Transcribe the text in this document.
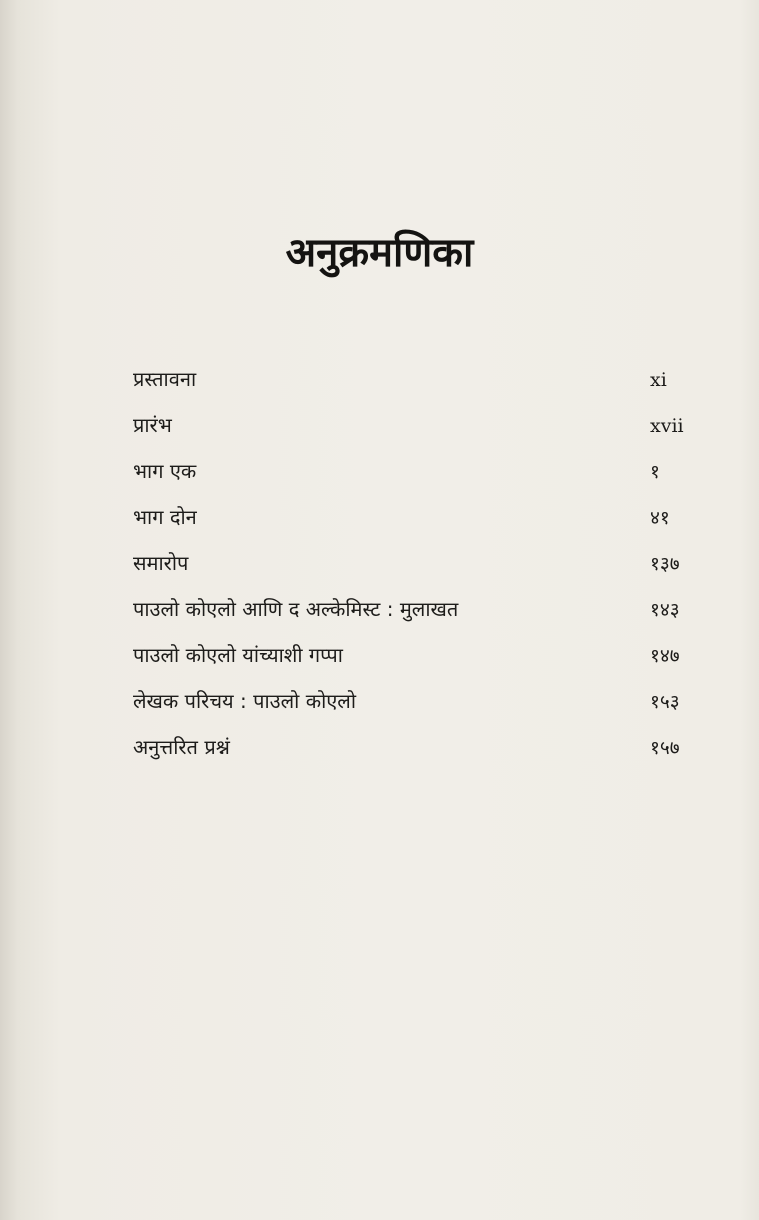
अनुक्रमणिका
प्रस्तावना	xi
प्रारंभ	xvii
भाग एक	१
भाग दोन	४१
समारोप	१३७
पाउलो कोएलो आणि द अल्केमिस्ट : मुलाखत	१४३
पाउलो कोएलो यांच्याशी गप्पा	१४७
लेखक परिचय : पाउलो कोएलो	१५३
अनुत्तरित प्रश्नं	१५७
